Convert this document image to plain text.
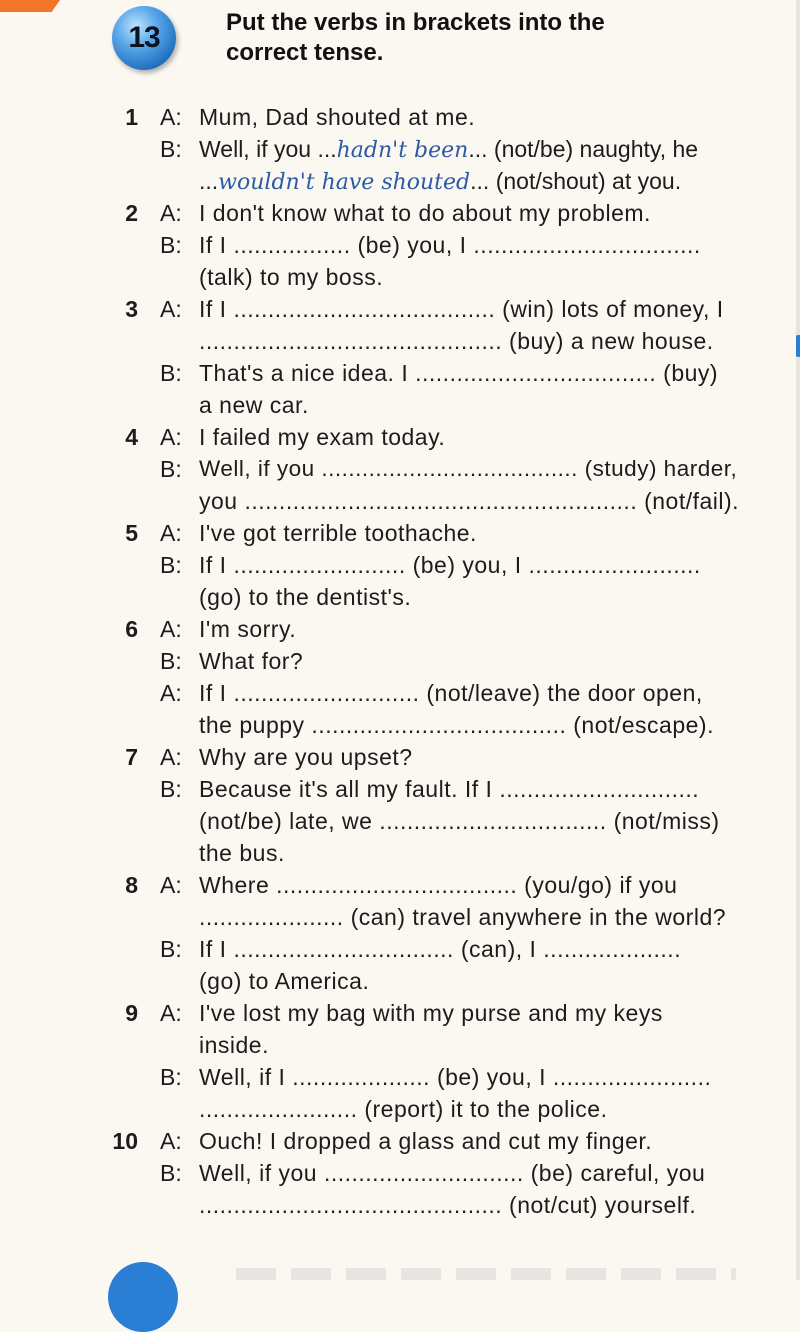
13	Put the verbs in brackets into the
correct tense.
1 A: Mum, Dad shouted at me.
B: Well, if you ...hadn't been... (not/be) naughty, he
...wouldn't have shouted... (not/shout) at you.
2 A: I don't know what to do about my problem.
B: If I ................. (be) you, I .................................
(talk) to my boss.
3 A: If I ...................................... (win) lots of money, I
............................................ (buy) a new house.
B: That's a nice idea. I ................................... (buy)
a new car.
4 A: I failed my exam today.
B: Well, if you ...................................... (study) harder,
you ......................................................... (not/fail).
5 A: I've got terrible toothache.
B: If I ......................... (be) you, I .........................
(go) to the dentist's.
6 A: I'm sorry.
B: What for?
A: If I ........................... (not/leave) the door open,
the puppy ..................................... (not/escape).
7 A: Why are you upset?
B: Because it's all my fault. If I .............................
(not/be) late, we ................................. (not/miss)
the bus.
8 A: Where ................................... (you/go) if you
..................... (can) travel anywhere in the world?
B: If I ................................ (can), I ....................
(go) to America.
9 A: I've lost my bag with my purse and my keys
inside.
B: Well, if I .................... (be) you, I .......................
....................... (report) it to the police.
10 A: Ouch! I dropped a glass and cut my finger.
B: Well, if you ............................. (be) careful, you
............................................ (not/cut) yourself.
